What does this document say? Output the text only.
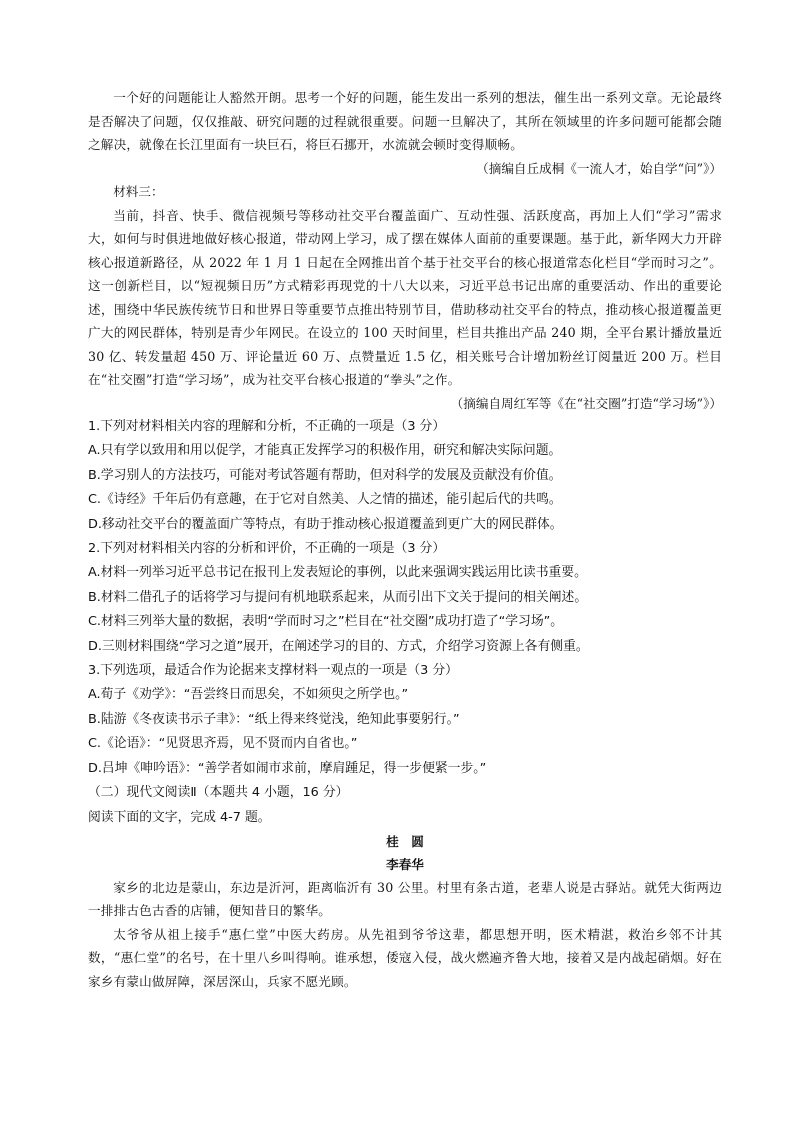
一个好的问题能让人豁然开朗。思考一个好的问题，能生发出一系列的想法，催生出一系列文章。无论最终是否解决了问题，仅仅推敲、研究问题的过程就很重要。问题一旦解决了，其所在领域里的许多问题可能都会随之解决，就像在长江里面有一块巨石，将巨石挪开，水流就会顿时变得顺畅。

（摘编自丘成桐《一流人才，始自学“问”》）

材料三：

当前，抖音、快手、微信视频号等移动社交平台覆盖面广、互动性强、活跃度高，再加上人们“学习”需求大，如何与时俱进地做好核心报道，带动网上学习，成了摆在媒体人面前的重要课题。基于此，新华网大力开辟核心报道新路径，从 2022 年 1 月 1 日起在全网推出首个基于社交平台的核心报道常态化栏目“学而时习之”。这一创新栏目，以“短视频日历”方式精彩再现党的十八大以来，习近平总书记出席的重要活动、作出的重要论述，围绕中华民族传统节日和世界日等重要节点推出特别节目，借助移动社交平台的特点，推动核心报道覆盖更广大的网民群体，特别是青少年网民。在设立的 100 天时间里，栏目共推出产品 240 期，全平台累计播放量近 30 亿、转发量超 450 万、评论量近 60 万、点赞量近 1.5 亿，相关账号合计增加粉丝订阅量近 200 万。栏目在“社交圈”打造“学习场”，成为社交平台核心报道的“拳头”之作。

（摘编自周红军等《在“社交圈”打造“学习场”》）

1.下列对材料相关内容的理解和分析，不正确的一项是（3 分）

A.只有学以致用和用以促学，才能真正发挥学习的积极作用，研究和解决实际问题。

B.学习别人的方法技巧，可能对考试答题有帮助，但对科学的发展及贡献没有价值。

C.《诗经》千年后仍有意趣，在于它对自然美、人之情的描述，能引起后代的共鸣。

D.移动社交平台的覆盖面广等特点，有助于推动核心报道覆盖到更广大的网民群体。

2.下列对材料相关内容的分析和评价，不正确的一项是（3 分）

A.材料一列举习近平总书记在报刊上发表短论的事例，以此来强调实践运用比读书重要。

B.材料二借孔子的话将学习与提问有机地联系起来，从而引出下文关于提问的相关阐述。

C.材料三列举大量的数据，表明“学而时习之”栏目在“社交圈”成功打造了“学习场”。

D.三则材料围绕“学习之道”展开，在阐述学习的目的、方式，介绍学习资源上各有侧重。

3.下列选项，最适合作为论据来支撑材料一观点的一项是（3 分）

A.荀子《劝学》：“吾尝终日而思矣，不如须臾之所学也。”

B.陆游《冬夜读书示子聿》：“纸上得来终觉浅，绝知此事要躬行。”

C.《论语》：“见贤思齐焉，见不贤而内自省也。”

D.吕坤《呻吟语》：“善学者如闹市求前，摩肩踵足，得一步便紧一步。”

（二）现代文阅读Ⅱ（本题共 4 小题，16 分）

阅读下面的文字，完成 4-7 题。

桂　圆

李春华

家乡的北边是蒙山，东边是沂河，距离临沂有 30 公里。村里有条古道，老辈人说是古驿站。就凭大街两边一排排古色古香的店铺，便知昔日的繁华。

太爷爷从祖上接手“惠仁堂”中医大药房。从先祖到爷爷这辈，都思想开明，医术精湛，救治乡邻不计其数，“惠仁堂”的名号，在十里八乡叫得响。谁承想，倭寇入侵，战火燃遍齐鲁大地，接着又是内战起硝烟。好在家乡有蒙山做屏障，深居深山，兵家不愿光顾。
